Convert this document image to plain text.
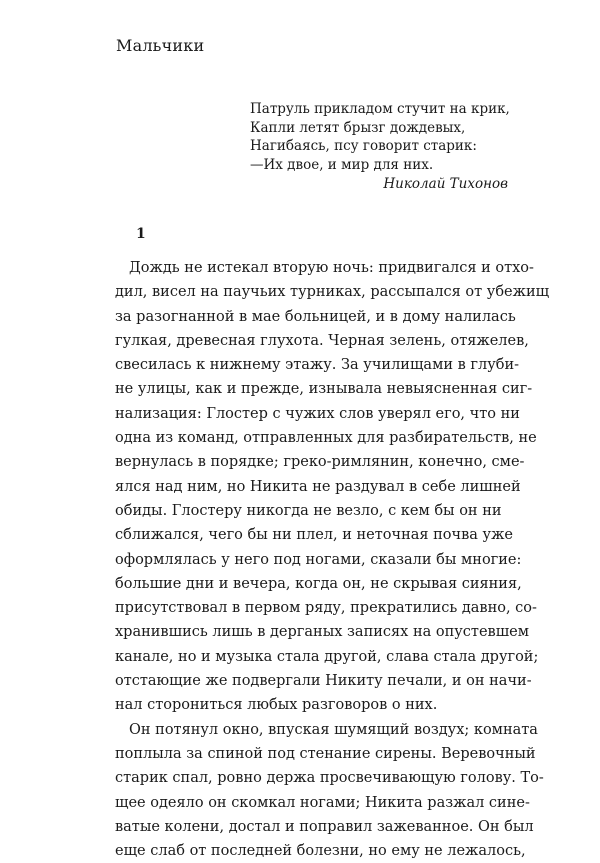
Мальчики
Патруль прикладом стучит на крик,
Капли летят брызг дождевых,
Нагибаясь, псу говорит старик:
—Их двое, и мир для них.
Николай Тихонов
1
Дождь не истекал вторую ночь: придвигался и отхо-
дил, висел на паучьих турниках, рассыпался от убежищ
за разогнанной в мае больницей, и в дому налилась
гулкая, древесная глухота. Черная зелень, отяжелев,
свесилась к нижнему этажу. За училищами в глуби-
не улицы, как и прежде, изнывала невыясненная сиг-
нализация: Глостер с чужих слов уверял его, что ни
одна из команд, отправленных для разбирательств, не
вернулась в порядке; греко-римлянин, конечно, сме-
ялся над ним, но Никита не раздувал в себе лишней
обиды. Глостеру никогда не везло, с кем бы он ни
сближался, чего бы ни плел, и неточная почва уже
оформлялась у него под ногами, сказали бы многие:
большие дни и вечера, когда он, не скрывая сияния,
присутствовал в первом ряду, прекратились давно, со-
хранившись лишь в дерганых записях на опустевшем
канале, но и музыка стала другой, слава стала другой;
отстающие же подвергали Никиту печали, и он начи-
нал сторониться любых разговоров о них.
Он потянул окно, впуская шумящий воздух; комната
поплыла за спиной под стенание сирены. Веревочный
старик спал, ровно держа просвечивающую голову. То-
щее одеяло он скомкал ногами; Никита разжал сине-
ватые колени, достал и поправил зажеванное. Он был
еще слаб от последней болезни, но ему не лежалось,
